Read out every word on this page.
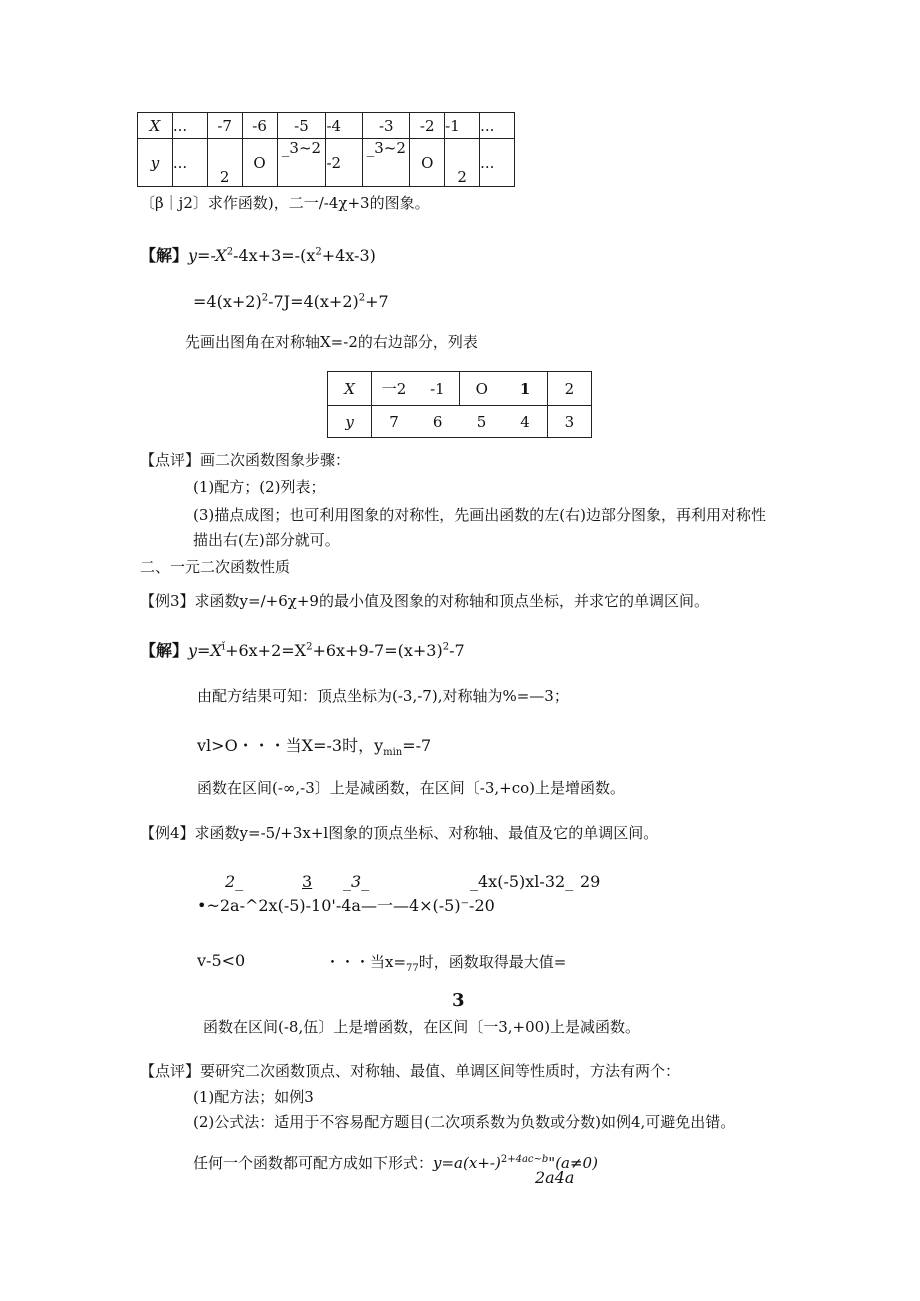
X	...	-7	-6	-5	-4	-3	-2	-1	...
y	...	2	O	_3~2	-2	_3~2	O	2	...
〔β｜j2〕求作函数)，二一/-4χ+3的图象。
【解】$y=-X^2-4x+3=-(x^2+4x-3)$
$=4(x+2)^2-7J=4(x+2)^2+7$
先画出图角在对称轴X=-2的右边部分，列表
X	一2	-1	O	1	2
y	7	6	5	4	3
【点评】画二次函数图象步骤：
(1)配方；(2)列表；
(3)描点成图；也可利用图象的对称性，先画出函数的左(右)边部分图象，再利用对称性
描出右(左)部分就可。
二、一元二次函数性质
【例3】求函数y=∕+6χ+9的最小值及图象的对称轴和顶点坐标，并求它的单调区间。
【解】$y=X^ǐ+6x+2=X^2+6x+9-7=(x+3)^2-7$
由配方结果可知：顶点坐标为(-3,-7),对称轴为%=—3；
vl>O・・・当X=-3时，$y_{min}=-7$
函数在区间(-∞,-3〕上是减函数，在区间〔-3,+co)上是增函数。
【例4】求函数y=-5∕+3x+l图象的顶点坐标、对称轴、最值及它的单调区间。
2_	3 _3_	_4x(-5)xl-32_ 29
•~2a-^2x(-5)-10'-4a—一—4×(-5)⁻-20
v-5<0	・・・当$x=_{77}$时，函数取得最大值=
3
函数在区间(-8,伍〕上是增函数，在区间〔一3,+00)上是减函数。
【点评】要研究二次函数顶点、对称轴、最值、单调区间等性质时，方法有两个：
(1)配方法；如例3
(2)公式法：适用于不容易配方题目(二次项系数为负数或分数)如例4,可避免出错。
任何一个函数都可配方成如下形式：$y=a(x+-)^{2+4ac\sim b}"(a\ne 0)$
2a4a
